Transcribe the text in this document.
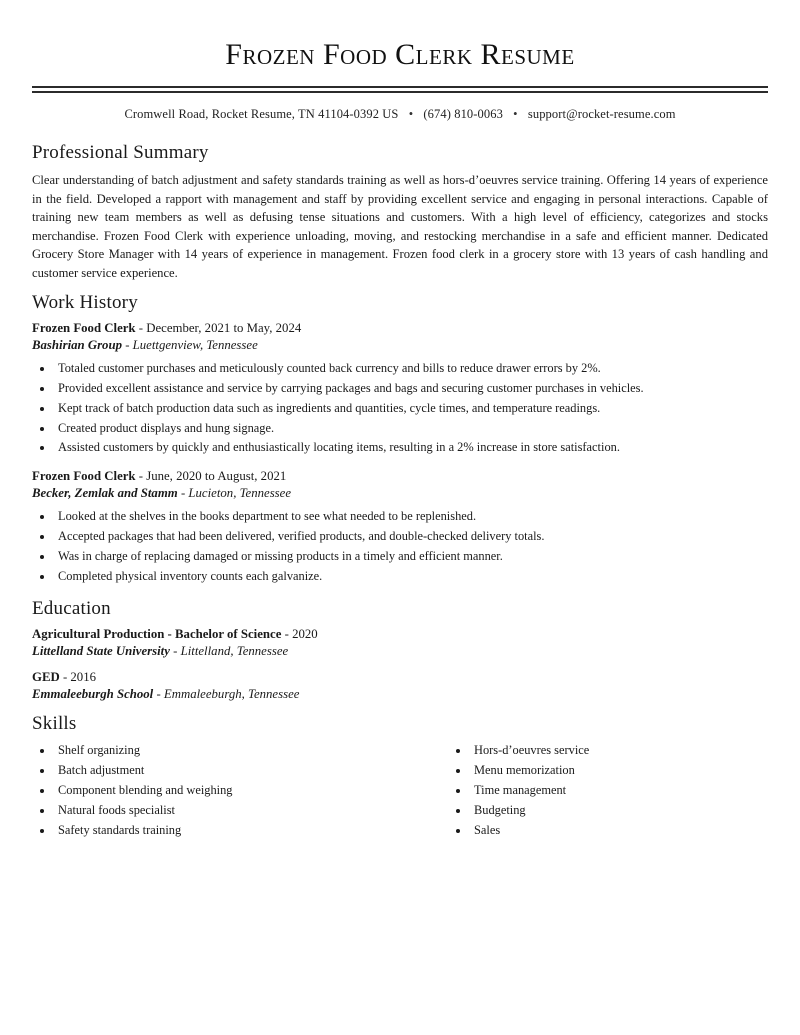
Frozen Food Clerk Resume
Cromwell Road, Rocket Resume, TN 41104-0392 US • (674) 810-0063 • support@rocket-resume.com
Professional Summary

Clear understanding of batch adjustment and safety standards training as well as hors-d’oeuvres service training. Offering 14 years of experience in the field. Developed a rapport with management and staff by providing excellent service and engaging in personal interactions. Capable of training new team members as well as defusing tense situations and customers. With a high level of efficiency, categorizes and stocks merchandise. Frozen Food Clerk with experience unloading, moving, and restocking merchandise in a safe and efficient manner. Dedicated Grocery Store Manager with 14 years of experience in management. Frozen food clerk in a grocery store with 13 years of cash handling and customer service experience.

Work History
Frozen Food Clerk - December, 2021 to May, 2024
Bashirian Group - Luettgenview, Tennessee
• Totaled customer purchases and meticulously counted back currency and bills to reduce drawer errors by 2%.
• Provided excellent assistance and service by carrying packages and bags and securing customer purchases in vehicles.
• Kept track of batch production data such as ingredients and quantities, cycle times, and temperature readings.
• Created product displays and hung signage.
• Assisted customers by quickly and enthusiastically locating items, resulting in a 2% increase in store satisfaction.
Frozen Food Clerk - June, 2020 to August, 2021
Becker, Zemlak and Stamm - Lucieton, Tennessee
• Looked at the shelves in the books department to see what needed to be replenished.
• Accepted packages that had been delivered, verified products, and double-checked delivery totals.
• Was in charge of replacing damaged or missing products in a timely and efficient manner.
• Completed physical inventory counts each galvanize.
Education
Agricultural Production - Bachelor of Science - 2020
Littelland State University - Littelland, Tennessee
GED - 2016
Emmaleeburgh School - Emmaleeburgh, Tennessee
Skills
• Shelf organizing
• Batch adjustment
• Component blending and weighing
• Natural foods specialist
• Safety standards training
• Hors-d’oeuvres service
• Menu memorization
• Time management
• Budgeting
• Sales
